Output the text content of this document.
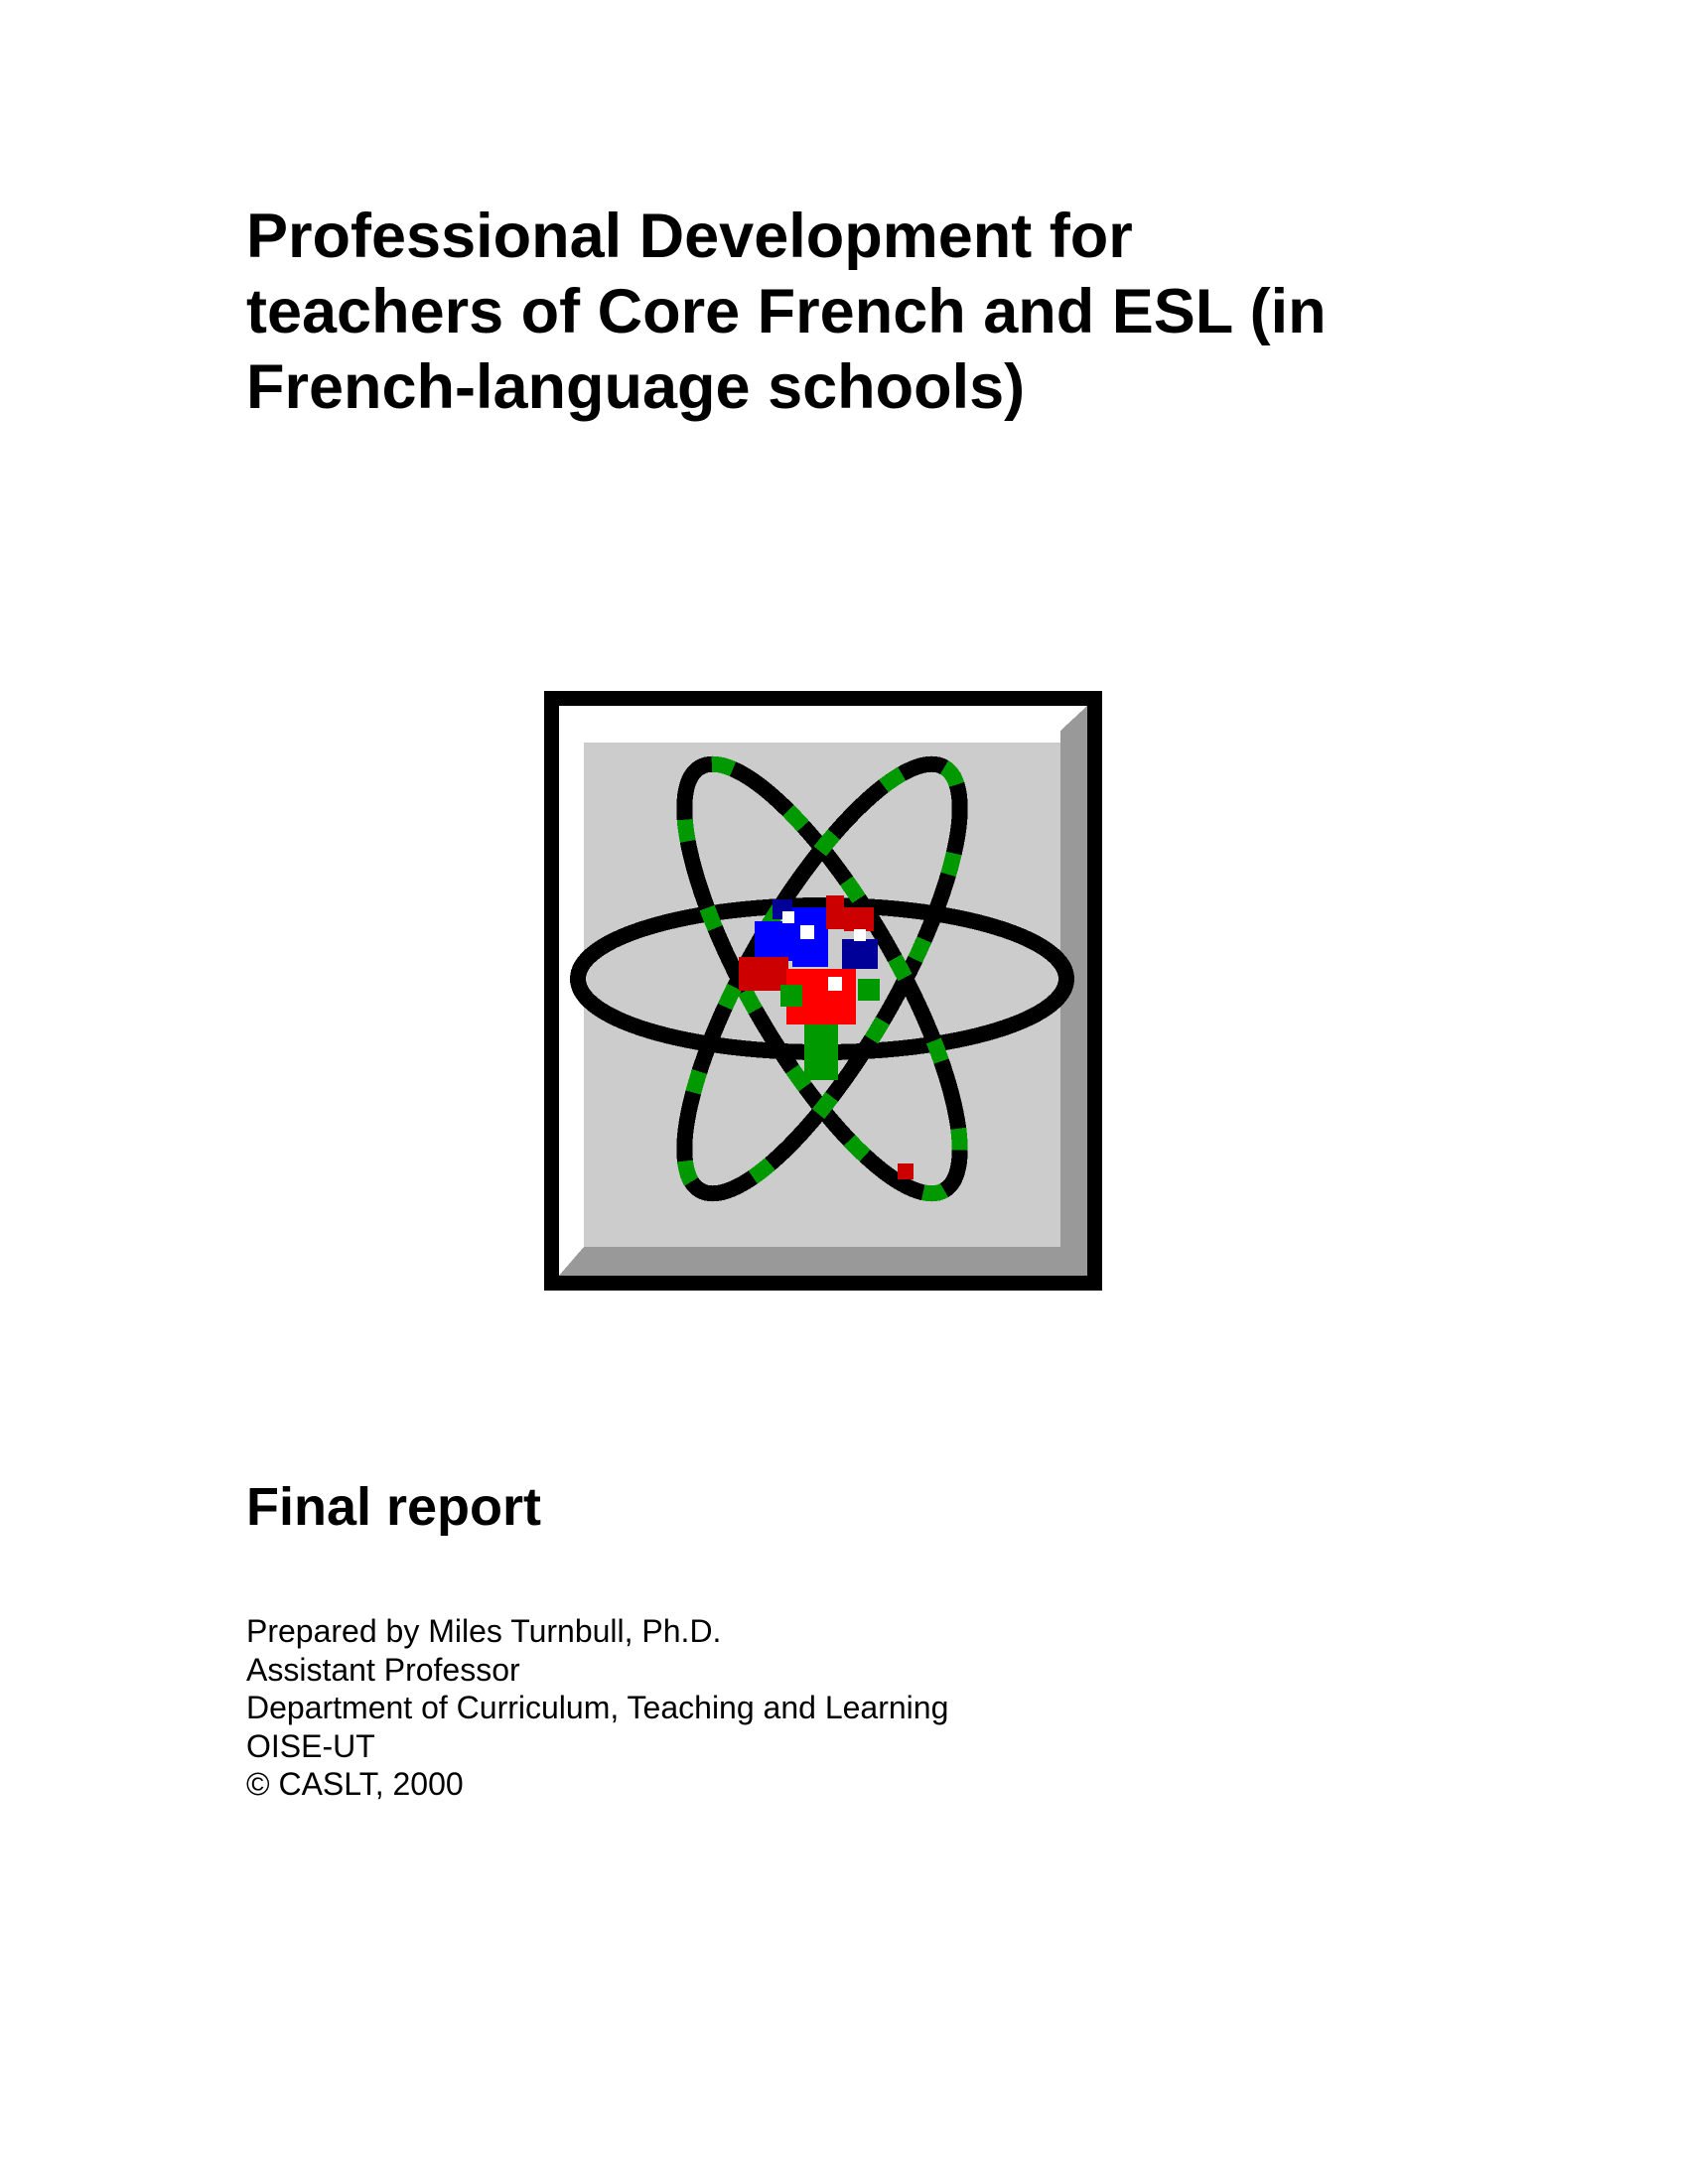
Professional Development for
teachers of Core French and ESL (in
French-language schools)
Final report
Prepared by Miles Turnbull, Ph.D.
Assistant Professor
Department of Curriculum, Teaching and Learning
OISE-UT
© CASLT, 2000
